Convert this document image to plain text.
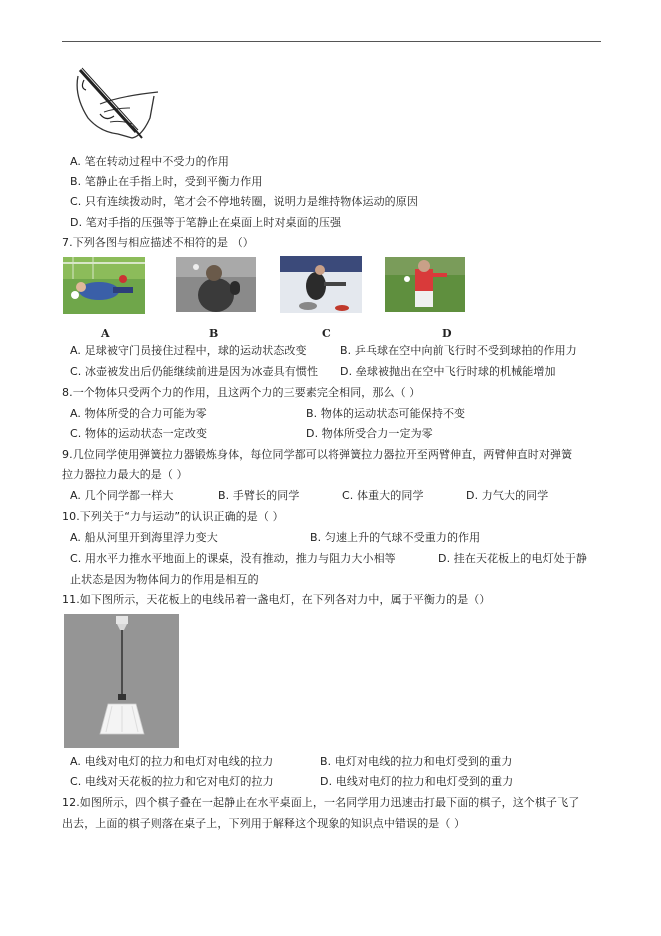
A. 笔在转动过程中不受力的作用
B. 笔静止在手指上时，受到平衡力作用
C. 只有连续拨动时，笔才会不停地转圈，说明力是维持物体运动的原因
D. 笔对手指的压强等于笔静止在桌面上时对桌面的压强
7.下列各图与相应描述不相符的是 （）
A	B	C	D
A. 足球被守门员接住过程中，球的运动状态改变	B. 乒乓球在空中向前飞行时不受到球拍的作用力
C. 冰壶被发出后仍能继续前进是因为冰壶具有惯性 D. 垒球被抛出在空中飞行时球的机械能增加
8.一个物体只受两个力的作用，且这两个力的三要素完全相同，那么（ ）
A. 物体所受的合力可能为零	B. 物体的运动状态可能保持不变
C. 物体的运动状态一定改变	D. 物体所受合力一定为零
9.几位同学使用弹簧拉力器锻炼身体，每位同学都可以将弹簧拉力器拉开至两臂伸直，两臂伸直时对弹簧
拉力器拉力最大的是（ ）
A. 几个同学都一样大	B. 手臂长的同学	C. 体重大的同学	D. 力气大的同学
10.下列关于“力与运动”的认识正确的是（ ）
A. 船从河里开到海里浮力变大	B. 匀速上升的气球不受重力的作用
C. 用水平力推水平地面上的课桌，没有推动，推力与阻力大小相等	D. 挂在天花板上的电灯处于静
止状态是因为物体间力的作用是相互的
11.如下图所示，天花板上的电线吊着一盏电灯，在下列各对力中，属于平衡力的是（）
A. 电线对电灯的拉力和电灯对电线的拉力	B. 电灯对电线的拉力和电灯受到的重力
C. 电线对天花板的拉力和它对电灯的拉力	D. 电线对电灯的拉力和电灯受到的重力
12.如图所示，四个棋子叠在一起静止在水平桌面上，一名同学用力迅速击打最下面的棋子，这个棋子飞了
出去，上面的棋子则落在桌子上，下列用于解释这个现象的知识点中错误的是（ ）
